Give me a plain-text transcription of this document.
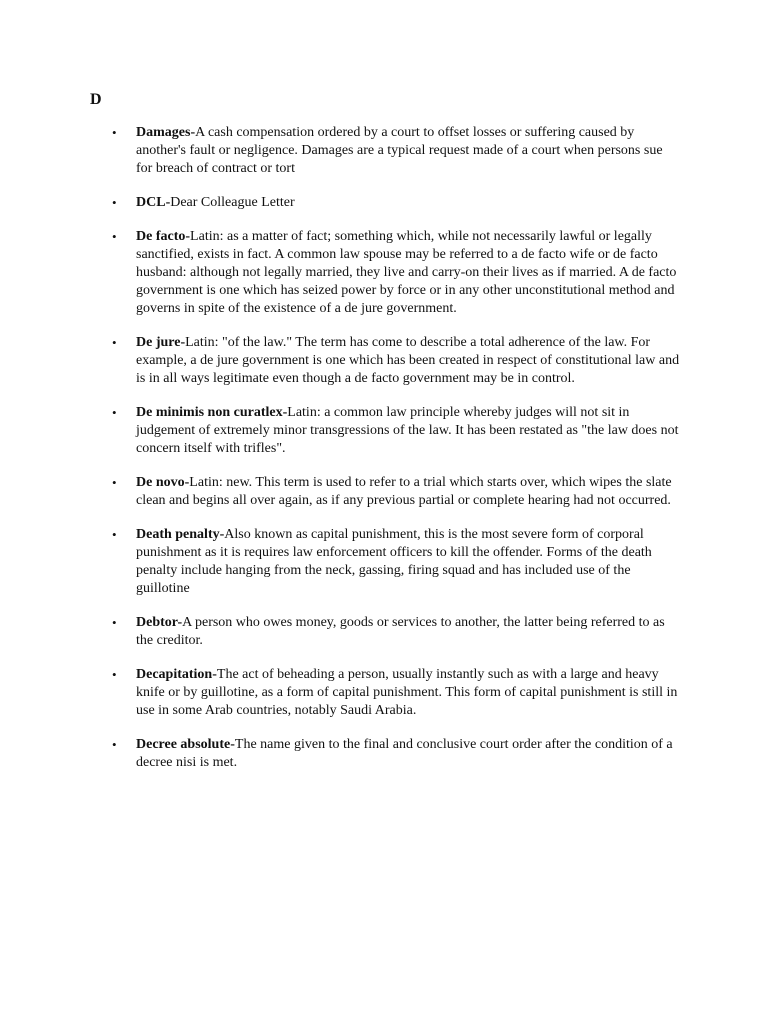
D
• Damages-A cash compensation ordered by a court to offset losses or suffering caused by another's fault or negligence. Damages are a typical request made of a court when persons sue for breach of contract or tort
• DCL-Dear Colleague Letter
• De facto-Latin: as a matter of fact; something which, while not necessarily lawful or legally sanctified, exists in fact. A common law spouse may be referred to a de facto wife or de facto husband: although not legally married, they live and carry-on their lives as if married. A de facto government is one which has seized power by force or in any other unconstitutional method and governs in spite of the existence of a de jure government.
• De jure-Latin: "of the law." The term has come to describe a total adherence of the law. For example, a de jure government is one which has been created in respect of constitutional law and is in all ways legitimate even though a de facto government may be in control.
• De minimis non curatlex-Latin: a common law principle whereby judges will not sit in judgement of extremely minor transgressions of the law. It has been restated as "the law does not concern itself with trifles".
• De novo-Latin: new. This term is used to refer to a trial which starts over, which wipes the slate clean and begins all over again, as if any previous partial or complete hearing had not occurred.
• Death penalty-Also known as capital punishment, this is the most severe form of corporal punishment as it is requires law enforcement officers to kill the offender. Forms of the death penalty include hanging from the neck, gassing, firing squad and has included use of the guillotine
• Debtor-A person who owes money, goods or services to another, the latter being referred to as the creditor.
• Decapitation-The act of beheading a person, usually instantly such as with a large and heavy knife or by guillotine, as a form of capital punishment. This form of capital punishment is still in use in some Arab countries, notably Saudi Arabia.
• Decree absolute-The name given to the final and conclusive court order after the condition of a decree nisi is met.
